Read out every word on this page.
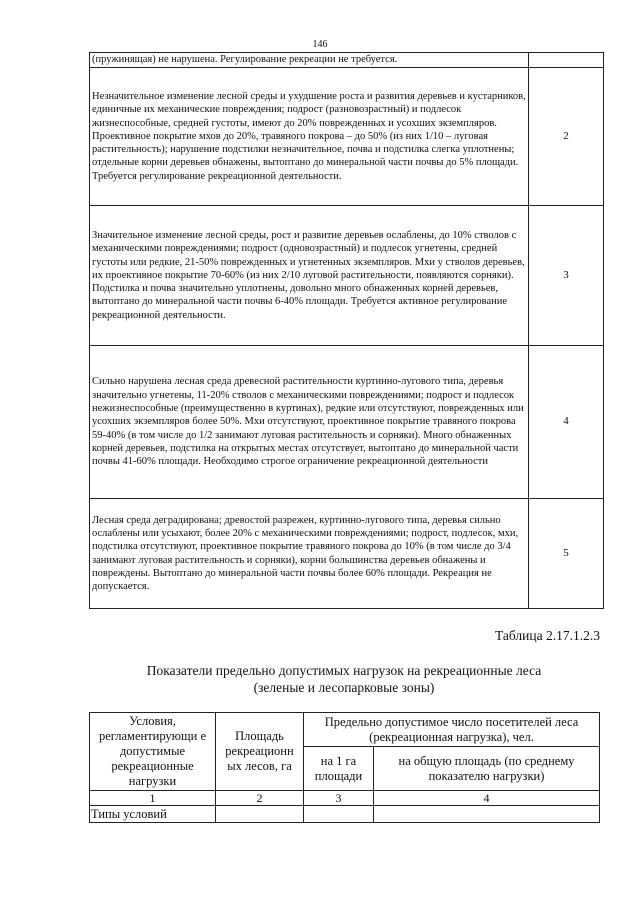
146
(пружинящая) не нарушена. Регулирование рекреации не требуется.	
Незначительное изменение лесной среды и ухудшение роста и развития деревьев и кустарников, единичные их механические повреждения; подрост (разновозрастный) и подлесок жизнеспособные, средней густоты, имеют до 20% поврежденных и усохших экземпляров. Проективное покрытие мхов до 20%, травяного покрова – до 50% (из них 1/10 – луговая растительность); нарушение подстилки незначительное, почва и подстилка слегка уплотнены; отдельные корни деревьев обнажены, вытоптано до минеральной части почвы до 5% площади. Требуется регулирование рекреационной деятельности.	2
Значительное изменение лесной среды, рост и развитие деревьев ослаблены, до 10% стволов с механическими повреждениями; подрост (одновозрастный) и подлесок угнетены, средней густоты или редкие, 21-50% поврежденных и угнетенных экземпляров. Мхи у стволов деревьев, их проективное покрытие 70-60% (из них 2/10 луговой растительности, появляются сорняки). Подстилка и почва значительно уплотнены, довольно много обнаженных корней деревьев, вытоптано до минеральной части почвы 6-40% площади. Требуется активное регулирование рекреационной деятельности.	3
Сильно нарушена лесная среда древесной растительности куртинно-лугового типа, деревья значительно угнетены, 11-20% стволов с механическими повреждениями; подрост и подлесок нежизнеспособные (преимущественно в куртинах), редкие или отсутствуют, поврежденных или усохших экземпляров более 50%. Мхи отсутствуют, проективное покрытие травяного покрова 59-40% (в том числе до 1/2 занимают луговая растительность и сорняки). Много обнаженных корней деревьев, подстилка на открытых местах отсутствует, вытоптано до минеральной части почвы 41-60% площади. Необходимо строгое ограничение рекреационной деятельности	4
Лесная среда деградирована; древостой разрежен, куртинно-лугового типа, деревья сильно ослаблены или усыхают, более 20% с механическими повреждениями; подрост, подлесок, мхи, подстилка отсутствуют, проективное покрытие травяного покрова до 10% (в том числе до 3/4 занимают луговая растительность и сорняки), корни большинства деревьев обнажены и повреждены. Вытоптано до минеральной части почвы более 60% площади. Рекреация не допускается.	5
Таблица 2.17.1.2.3
Показатели предельно допустимых нагрузок на рекреационные леса
(зеленые и лесопарковые зоны)
Условия, регламентирующи е допустимые рекреационные нагрузки	Площадь рекреационн ых лесов, га	Предельно допустимое число посетителей леса (рекреационная нагрузка), чел.	
		на 1 га площади	на общую площадь (по среднему показателю нагрузки)
1	2	3	4
Типы условий			
